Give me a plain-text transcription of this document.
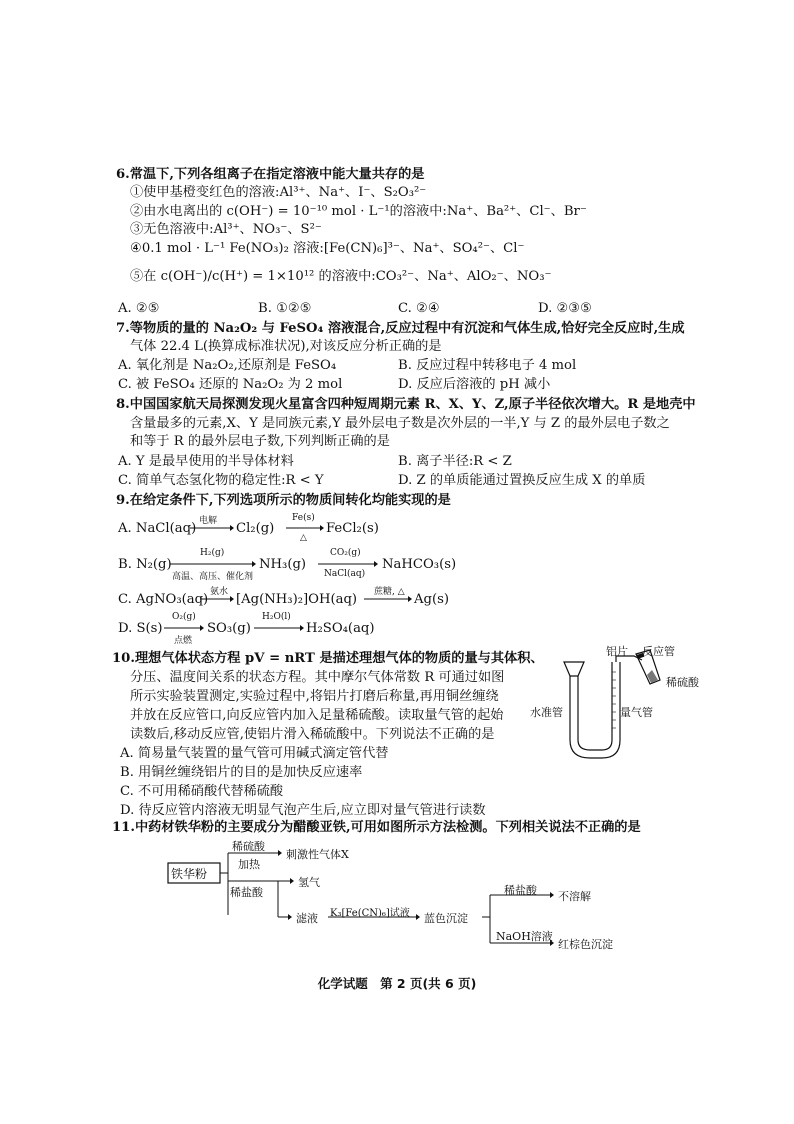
6.常温下,下列各组离子在指定溶液中能大量共存的是
①使甲基橙变红色的溶液:Al³⁺、Na⁺、I⁻、S₂O₃²⁻
②由水电离出的 c(OH⁻) = 10⁻¹⁰ mol · L⁻¹的溶液中:Na⁺、Ba²⁺、Cl⁻、Br⁻
③无色溶液中:Al³⁺、NO₃⁻、S²⁻
④0.1 mol · L⁻¹ Fe(NO₃)₂ 溶液:[Fe(CN)₆]³⁻、Na⁺、SO₄²⁻、Cl⁻
⑤在 c(OH⁻)/c(H⁺) = 1×10¹² 的溶液中:CO₃²⁻、Na⁺、AlO₂⁻、NO₃⁻
A. ②⑤	B. ①②⑤	C. ②④	D. ②③⑤
7.等物质的量的 Na₂O₂ 与 FeSO₄ 溶液混合,反应过程中有沉淀和气体生成,恰好完全反应时,生成
气体 22.4 L(换算成标准状况),对该反应分析正确的是
A. 氧化剂是 Na₂O₂,还原剂是 FeSO₄	B. 反应过程中转移电子 4 mol
C. 被 FeSO₄ 还原的 Na₂O₂ 为 2 mol	D. 反应后溶液的 pH 减小
8.中国国家航天局探测发现火星富含四种短周期元素 R、X、Y、Z,原子半径依次增大。R 是地壳中
含量最多的元素,X、Y 是同族元素,Y 最外层电子数是次外层的一半,Y 与 Z 的最外层电子数之
和等于 R 的最外层电子数,下列判断正确的是
A. Y 是最早使用的半导体材料	B. 离子半径:R < Z
C. 简单气态氢化物的稳定性:R < Y	D. Z 的单质能通过置换反应生成 X 的单质
9.在给定条件下,下列选项所示的物质间转化均能实现的是
A. NaCl(aq) 电解 Cl₂(g)
Fe(s)
△
FeCl₂(s)
B. N₂(g)
H₂(g)
高温、高压、催化剂
NH₃(g)
CO₂(g)
NaCl(aq)
NaHCO₃(s)
C. AgNO₃(aq) 氨水 [Ag(NH₃)₂]OH(aq) 蔗糖, △ Ag(s)
D. S(s)
O₂(g)
点燃
SO₃(g)
H₂O(l)
H₂SO₄(aq)
10.理想气体状态方程 pV = nRT 是描述理想气体的物质的量与其体积、
分压、温度间关系的状态方程。其中摩尔气体常数 R 可通过如图
所示实验装置测定,实验过程中,将铝片打磨后称量,再用铜丝缠绕
并放在反应管口,向反应管内加入足量稀硫酸。读取量气管的起始
读数后,移动反应管,使铝片滑入稀硫酸中。下列说法不正确的是
A. 简易量气装置的量气管可用碱式滴定管代替
B. 用铜丝缠绕铝片的目的是加快反应速率
C. 不可用稀硝酸代替稀硫酸
D. 待反应管内溶液无明显气泡产生后,应立即对量气管进行读数
铝片 反应管
稀硫酸
水准管	量气管
11.中药材铁华粉的主要成分为醋酸亚铁,可用如图所示方法检测。下列相关说法不正确的是
铁华粉
稀硫酸
加热
刺激性气体X
稀盐酸
氢气
滤液 K₃[Fe(CN)₆]试液 蓝色沉淀
稀盐酸 不溶解
NaOH溶液
红棕色沉淀
化学试题 第 2 页(共 6 页)
